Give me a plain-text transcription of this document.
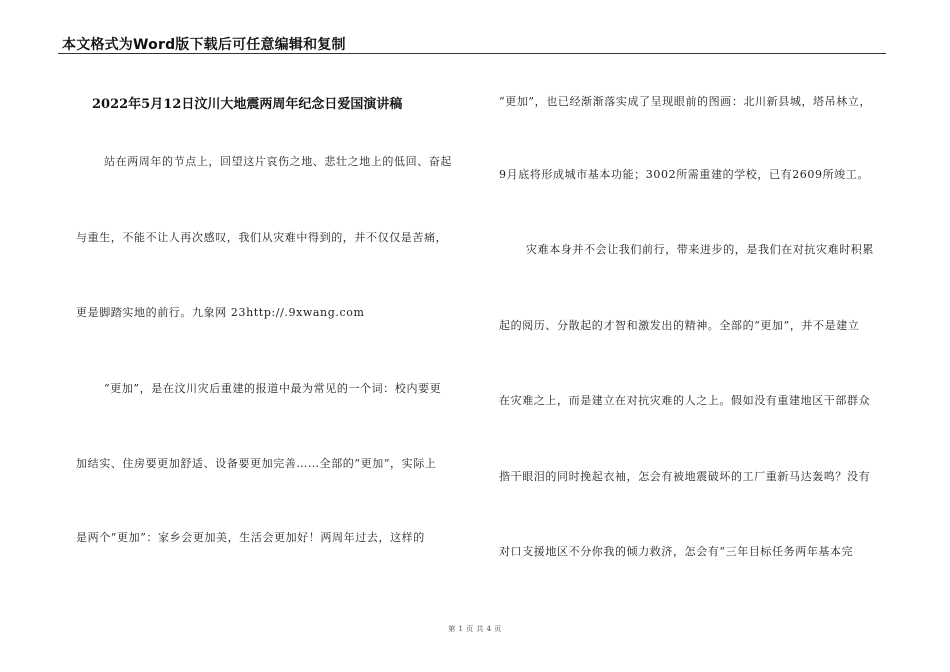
本文格式为Word版下载后可任意编辑和复制
2022年5月12日汶川大地震两周年纪念日爱国演讲稿
站在两周年的节点上，回望这片哀伤之地、悲壮之地上的低回、奋起
与重生，不能不让人再次感叹，我们从灾难中得到的，并不仅仅是苦痛，
更是脚踏实地的前行。九象网 23http://.9xwang.com
“更加”，是在汶川灾后重建的报道中最为常见的一个词：校内要更
加结实、住房要更加舒适、设备要更加完善……全部的“更加”，实际上
是两个“更加”：家乡会更加美，生活会更加好！两周年过去，这样的
“更加”，也已经渐渐落实成了呈现眼前的图画：北川新县城，塔吊林立，
9月底将形成城市基本功能；3002所需重建的学校，已有2609所竣工。
灾难本身并不会让我们前行，带来进步的，是我们在对抗灾难时积累
起的阅历、分散起的才智和激发出的精神。全部的“更加”，并不是建立
在灾难之上，而是建立在对抗灾难的人之上。假如没有重建地区干部群众
揩干眼泪的同时挽起衣袖，怎会有被地震破坏的工厂重新马达轰鸣？没有
对口支援地区不分你我的倾力救济，怎会有“三年目标任务两年基本完
第 1 页 共 4 页
